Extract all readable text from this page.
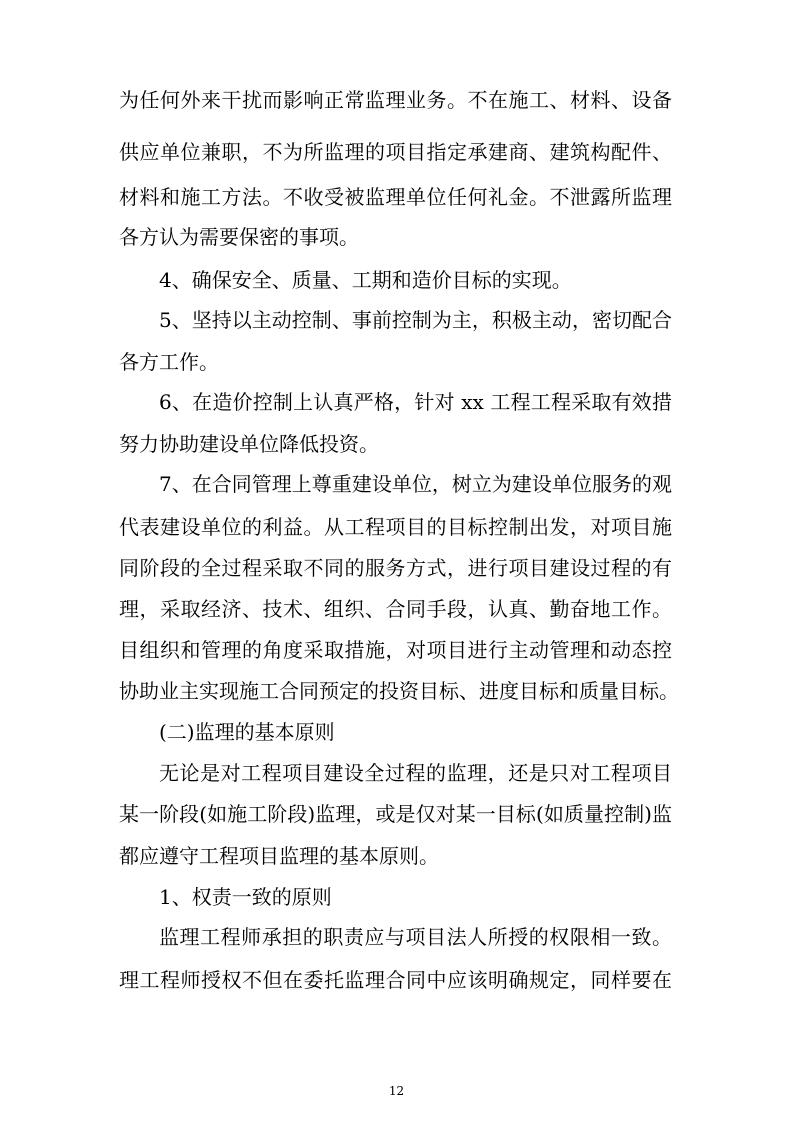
为任何外来干扰而影响正常监理业务。不在施工、材料、设备
供应单位兼职，不为所监理的项目指定承建商、建筑构配件、
材料和施工方法。不收受被监理单位任何礼金。不泄露所监理
各方认为需要保密的事项。
4、确保安全、质量、工期和造价目标的实现。
5、坚持以主动控制、事前控制为主，积极主动，密切配合
各方工作。
6、在造价控制上认真严格，针对 xx 工程工程采取有效措
努力协助建设单位降低投资。
7、在合同管理上尊重建设单位，树立为建设单位服务的观
代表建设单位的利益。从工程项目的目标控制出发，对项目施
同阶段的全过程采取不同的服务方式，进行项目建设过程的有
理，采取经济、技术、组织、合同手段，认真、勤奋地工作。
目组织和管理的角度采取措施，对项目进行主动管理和动态控
协助业主实现施工合同预定的投资目标、进度目标和质量目标。
(二)监理的基本原则
无论是对工程项目建设全过程的监理，还是只对工程项目
某一阶段(如施工阶段)监理，或是仅对某一目标(如质量控制)监
都应遵守工程项目监理的基本原则。
1、权责一致的原则
监理工程师承担的职责应与项目法人所授的权限相一致。
理工程师授权不但在委托监理合同中应该明确规定，同样要在
12
